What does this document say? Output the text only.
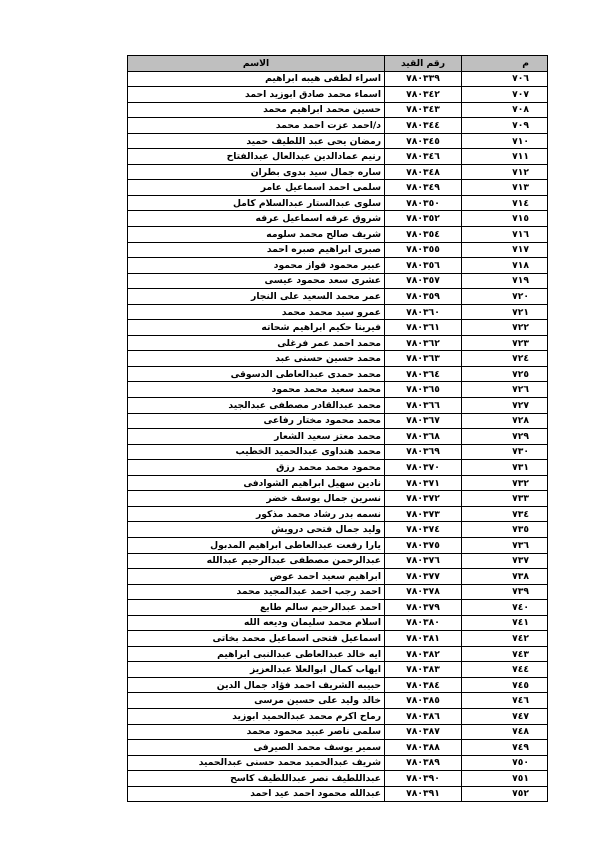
م	رقم القيد	الاسم
٧٠٦	٧٨٠٣٣٩	اسراء لطفى هيبه ابراهيم
٧٠٧	٧٨٠٣٤٢	اسماء محمد صادق ابوزيد احمد
٧٠٨	٧٨٠٣٤٣	حسين محمد ابراهيم محمد
٧٠٩	٧٨٠٣٤٤	د/احمد عزت احمد محمد
٧١٠	٧٨٠٣٤٥	رمضان يحى عبد اللطيف حميد
٧١١	٧٨٠٣٤٦	رنيم عمادالدين عبدالعال عبدالفتاح
٧١٢	٧٨٠٣٤٨	ساره جمال سيد بدوى بطران
٧١٣	٧٨٠٣٤٩	سلمى احمد اسماعيل عامر
٧١٤	٧٨٠٣٥٠	سلوى عبدالستار عبدالسلام كامل
٧١٥	٧٨٠٣٥٢	شروق عرفه اسماعيل عرفه
٧١٦	٧٨٠٣٥٤	شريف صالح محمد سلومه
٧١٧	٧٨٠٣٥٥	صبرى ابراهيم صبره احمد
٧١٨	٧٨٠٣٥٦	عبير محمود فواز محمود
٧١٩	٧٨٠٣٥٧	عشرى سعد محمود عيسى
٧٢٠	٧٨٠٣٥٩	عمر محمد السعيد على النجار
٧٢١	٧٨٠٣٦٠	عمرو سيد محمد محمد
٧٢٢	٧٨٠٣٦١	فيرينا حكيم ابراهيم شحاته
٧٢٣	٧٨٠٣٦٢	محمد احمد عمر فرغلى
٧٢٤	٧٨٠٣٦٣	محمد حسين حسنى عبد
٧٢٥	٧٨٠٣٦٤	محمد حمدى عبدالعاطى الدسوقى
٧٢٦	٧٨٠٣٦٥	محمد سعيد محمد محمود
٧٢٧	٧٨٠٣٦٦	محمد عبدالقادر مصطفى عبدالجيد
٧٢٨	٧٨٠٣٦٧	محمد محمود مختار رفاعى
٧٢٩	٧٨٠٣٦٨	محمد معتز سعيد الشعار
٧٣٠	٧٨٠٣٦٩	محمد هنداوى عبدالحميد الخطيب
٧٣١	٧٨٠٣٧٠	محمود محمد محمد رزق
٧٣٢	٧٨٠٣٧١	نادين سهيل ابراهيم الشوادفى
٧٣٣	٧٨٠٣٧٢	نسرين جمال يوسف خضر
٧٣٤	٧٨٠٣٧٣	نسمه بدر رشاد محمد مذكور
٧٣٥	٧٨٠٣٧٤	وليد جمال فتحى درويش
٧٣٦	٧٨٠٣٧٥	يارا رفعت عبدالعاطى ابراهيم المدبول
٧٣٧	٧٨٠٣٧٦	عبدالرحمن مصطفى عبدالرحيم عبدالله
٧٣٨	٧٨٠٣٧٧	ابراهيم سعيد احمد عوض
٧٣٩	٧٨٠٣٧٨	احمد رجب احمد عبدالمجيد محمد
٧٤٠	٧٨٠٣٧٩	احمد عبدالرحيم سالم طايع
٧٤١	٧٨٠٣٨٠	اسلام محمد سليمان وديعه الله
٧٤٢	٧٨٠٣٨١	اسماعيل فتحى اسماعيل محمد بخاتى
٧٤٣	٧٨٠٣٨٢	ايه خالد عبدالعاطى عبدالنبى ابراهيم
٧٤٤	٧٨٠٣٨٣	ايهاب كمال ابوالعلا عبدالعزيز
٧٤٥	٧٨٠٣٨٤	حبيبه الشريف احمد فؤاد جمال الدين
٧٤٦	٧٨٠٣٨٥	خالد وليد على حسين مرسى
٧٤٧	٧٨٠٣٨٦	رماح اكرم محمد عبدالحميد ابوزيد
٧٤٨	٧٨٠٣٨٧	سلمى ناصر عبيد محمود محمد
٧٤٩	٧٨٠٣٨٨	سمير يوسف محمد الصيرفى
٧٥٠	٧٨٠٣٨٩	شريف عبدالحميد محمد حسنى عبدالحميد
٧٥١	٧٨٠٣٩٠	عبداللطيف نصر عبداللطيف كاسح
٧٥٢	٧٨٠٣٩١	عبدالله محمود احمد عيد احمد
